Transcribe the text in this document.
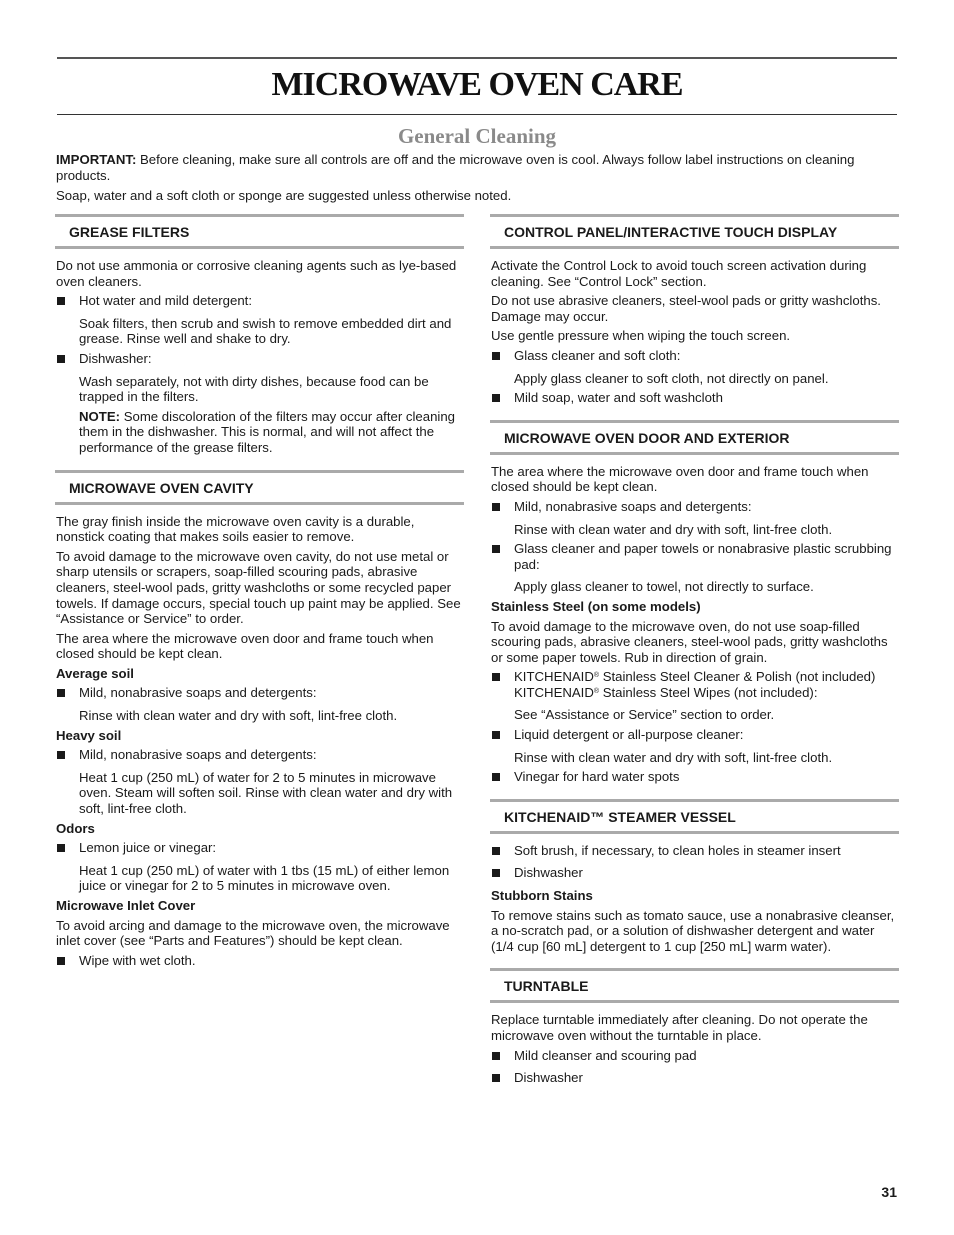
MICROWAVE OVEN CARE
General Cleaning

IMPORTANT: Before cleaning, make sure all controls are off and the microwave oven is cool. Always follow label instructions on cleaning products.

Soap, water and a soft cloth or sponge are suggested unless otherwise noted.

GREASE FILTERS

Do not use ammonia or corrosive cleaning agents such as lye-based oven cleaners.

Hot water and mild detergent:

Soak filters, then scrub and swish to remove embedded dirt and grease. Rinse well and shake to dry.

Dishwasher:

Wash separately, not with dirty dishes, because food can be trapped in the filters.

NOTE: Some discoloration of the filters may occur after cleaning them in the dishwasher. This is normal, and will not affect the performance of the grease filters.

MICROWAVE OVEN CAVITY

The gray finish inside the microwave oven cavity is a durable, nonstick coating that makes soils easier to remove.

To avoid damage to the microwave oven cavity, do not use metal or sharp utensils or scrapers, soap-filled scouring pads, abrasive cleaners, steel-wool pads, gritty washcloths or some recycled paper towels. If damage occurs, special touch up paint may be applied. See “Assistance or Service” to order.

The area where the microwave oven door and frame touch when closed should be kept clean.

Average soil

Mild, nonabrasive soaps and detergents:

Rinse with clean water and dry with soft, lint-free cloth.

Heavy soil

Mild, nonabrasive soaps and detergents:

Heat 1 cup (250 mL) of water for 2 to 5 minutes in microwave oven. Steam will soften soil. Rinse with clean water and dry with soft, lint-free cloth.

Odors

Lemon juice or vinegar:

Heat 1 cup (250 mL) of water with 1 tbs (15 mL) of either lemon juice or vinegar for 2 to 5 minutes in microwave oven.

Microwave Inlet Cover

To avoid arcing and damage to the microwave oven, the microwave inlet cover (see “Parts and Features”) should be kept clean.

Wipe with wet cloth.
CONTROL PANEL/INTERACTIVE TOUCH DISPLAY

Activate the Control Lock to avoid touch screen activation during cleaning. See “Control Lock” section.

Do not use abrasive cleaners, steel-wool pads or gritty washcloths. Damage may occur.

Use gentle pressure when wiping the touch screen.

Glass cleaner and soft cloth:

Apply glass cleaner to soft cloth, not directly on panel.

Mild soap, water and soft washcloth
MICROWAVE OVEN DOOR AND EXTERIOR

The area where the microwave oven door and frame touch when closed should be kept clean.

Mild, nonabrasive soaps and detergents:

Rinse with clean water and dry with soft, lint-free cloth.

Glass cleaner and paper towels or nonabrasive plastic scrubbing pad:

Apply glass cleaner to towel, not directly to surface.

Stainless Steel (on some models)

To avoid damage to the microwave oven, do not use soap-filled scouring pads, abrasive cleaners, steel-wool pads, gritty washcloths or some paper towels. Rub in direction of grain.

KITCHENAID® Stainless Steel Cleaner & Polish (not included)
KITCHENAID® Stainless Steel Wipes (not included):

See “Assistance or Service” section to order.

Liquid detergent or all-purpose cleaner:

Rinse with clean water and dry with soft, lint-free cloth.

Vinegar for hard water spots
KITCHENAID™ STEAMER VESSEL
Soft brush, if necessary, to clean holes in steamer insert
Dishwasher

Stubborn Stains

To remove stains such as tomato sauce, use a nonabrasive cleanser, a no-scratch pad, or a solution of dishwasher detergent and water (1/4 cup [60 mL] detergent to 1 cup [250 mL] warm water).

TURNTABLE

Replace turntable immediately after cleaning. Do not operate the microwave oven without the turntable in place.

Mild cleanser and scouring pad
Dishwasher
31
